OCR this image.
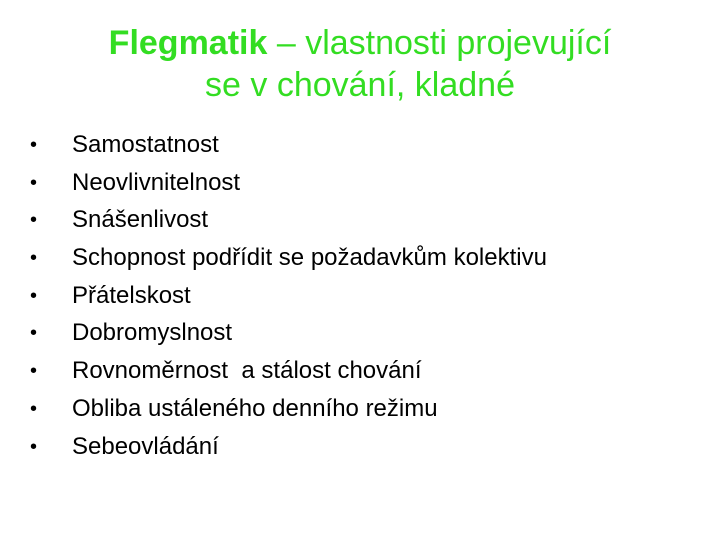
Flegmatik – vlastnosti projevující
se v chování, kladné
•	Samostatnost
•	Neovlivnitelnost
•	Snášenlivost
•	Schopnost podřídit se požadavkům kolektivu
•	Přátelskost
•	Dobromyslnost
•	Rovnoměrnost  a stálost chování
•	Obliba ustáleného denního režimu
•	Sebeovládání
